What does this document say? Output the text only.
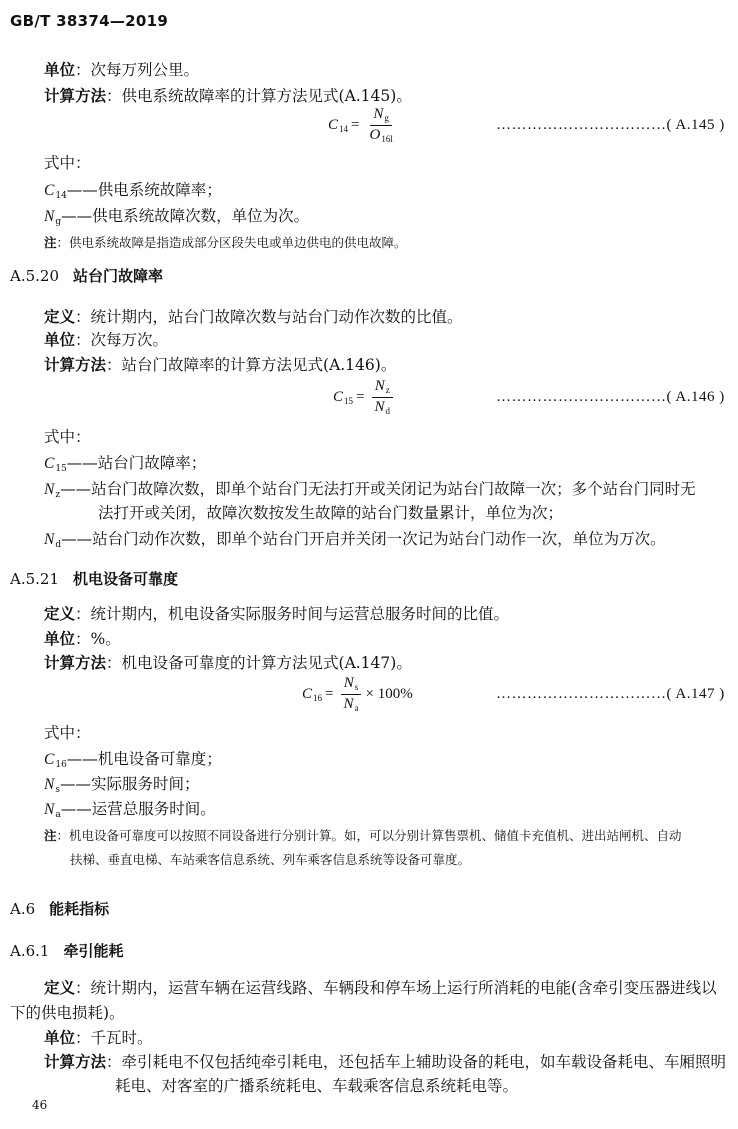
GB/T 38374—2019
单位：次每万列公里。
计算方法：供电系统故障率的计算方法见式(A.145)。
C $14 = \frac{N_g}{O_{16l}}$	……………………………( A.145 )
式中：
C14——供电系统故障率；
Ng——供电系统故障次数，单位为次。
注：供电系统故障是指造成部分区段失电或单边供电的供电故障。
A.5.20 站台门故障率
定义：统计期内，站台门故障次数与站台门动作次数的比值。
单位：次每万次。
计算方法：站台门故障率的计算方法见式(A.146)。
C $15 = \frac{N_z}{N_d}$	……………………………( A.146 )
式中：
C15——站台门故障率；
Nz——站台门故障次数，即单个站台门无法打开或关闭记为站台门故障一次；多个站台门同时无
法打开或关闭，故障次数按发生故障的站台门数量累计，单位为次；
Nd——站台门动作次数，即单个站台门开启并关闭一次记为站台门动作一次，单位为万次。
A.5.21 机电设备可靠度
定义：统计期内，机电设备实际服务时间与运营总服务时间的比值。
单位：%。
计算方法：机电设备可靠度的计算方法见式(A.147)。
C $16 = \frac{N_s}{N_a} \times 100\%$	……………………………( A.147 )
式中：
C16——机电设备可靠度；
Ns——实际服务时间；
Na——运营总服务时间。
注：机电设备可靠度可以按照不同设备进行分别计算。如，可以分别计算售票机、储值卡充值机、进出站闸机、自动
扶梯、垂直电梯、车站乘客信息系统、列车乘客信息系统等设备可靠度。
A.6 能耗指标
A.6.1 牵引能耗
定义：统计期内，运营车辆在运营线路、车辆段和停车场上运行所消耗的电能(含牵引变压器进线以
下的供电损耗)。
单位：千瓦时。
计算方法：牵引耗电不仅包括纯牵引耗电，还包括车上辅助设备的耗电，如车载设备耗电、车厢照明
耗电、对客室的广播系统耗电、车载乘客信息系统耗电等。
46
